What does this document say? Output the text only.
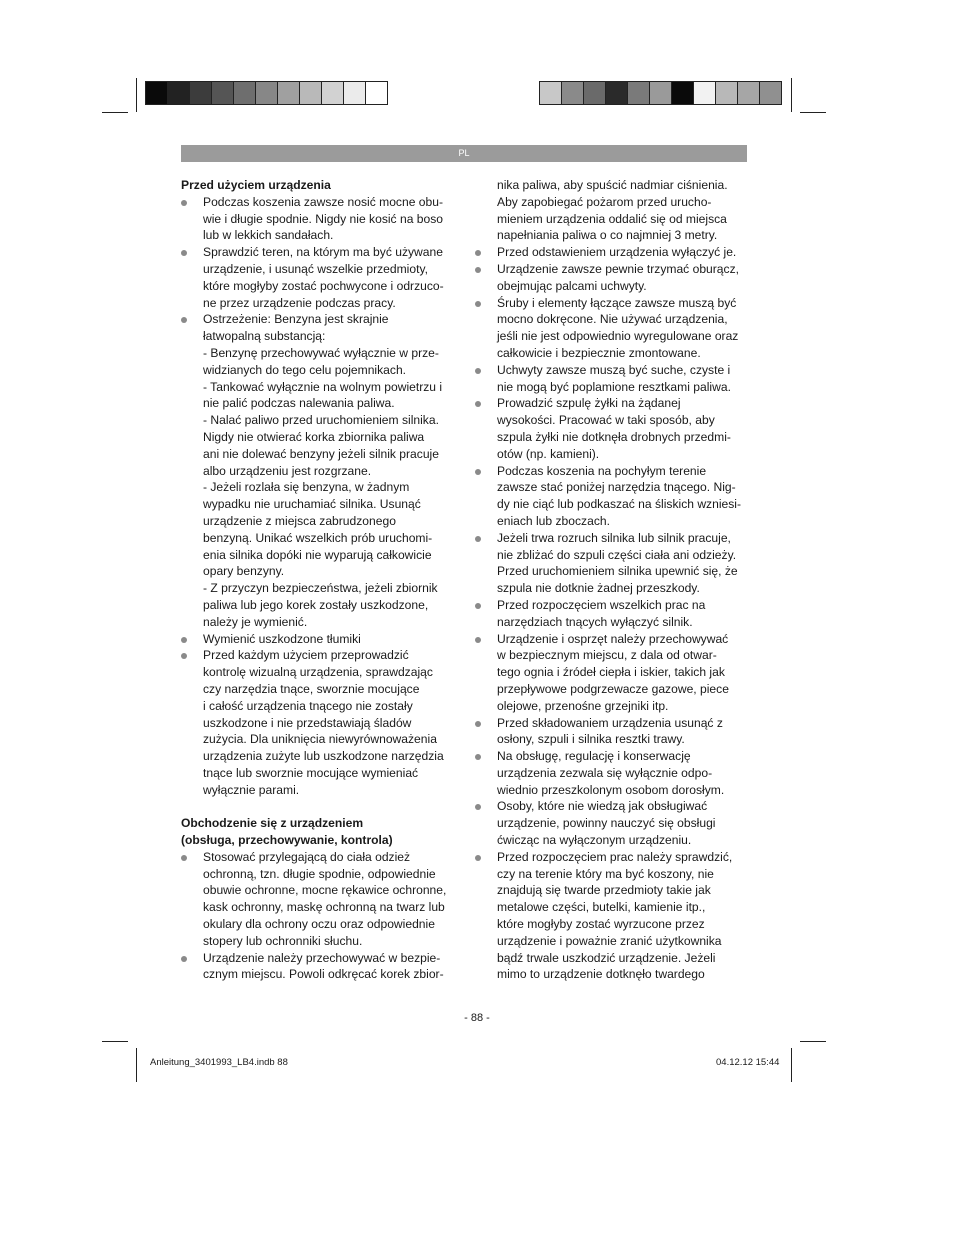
PL

Przed użyciem urządzenia

Podczas koszenia zawsze nosić mocne obu-
wie i długie spodnie. Nigdy nie kosić na boso
lub w lekkich sandałach.
Sprawdzić teren, na którym ma być używane
urządzenie, i usunąć wszelkie przedmioty,
które mogłyby zostać pochwycone i odrzuco-
ne przez urządzenie podczas pracy.
Ostrzeżenie: Benzyna jest skrajnie
łatwopalną substancją:
- Benzynę przechowywać wyłącznie w prze-
widzianych do tego celu pojemnikach.
- Tankować wyłącznie na wolnym powietrzu i
nie palić podczas nalewania paliwa.
- Nalać paliwo przed uruchomieniem silnika.
Nigdy nie otwierać korka zbiornika paliwa
ani nie dolewać benzyny jeżeli silnik pracuje
albo urządzeniu jest rozgrzane.
- Jeżeli rozlała się benzyna, w żadnym
wypadku nie uruchamiać silnika. Usunąć
urządzenie z miejsca zabrudzonego
benzyną. Unikać wszelkich prób uruchomi-
enia silnika dopóki nie wyparują całkowicie
opary benzyny.
- Z przyczyn bezpieczeństwa, jeżeli zbiornik
paliwa lub jego korek zostały uszkodzone,
należy je wymienić.
Wymienić uszkodzone tłumiki
Przed każdym użyciem przeprowadzić
kontrolę wizualną urządzenia, sprawdzając
czy narzędzia tnące, sworznie mocujące
i całość urządzenia tnącego nie zostały
uszkodzone i nie przedstawiają śladów
zużycia. Dla uniknięcia niewyrównoważenia
urządzenia zużyte lub uszkodzone narzędzia
tnące lub sworznie mocujące wymieniać
wyłącznie parami.

Obchodzenie się z urządzeniem
(obsługa, przechowywanie, kontrola)

Stosować przylegającą do ciała odzież
ochronną, tzn. długie spodnie, odpowiednie
obuwie ochronne, mocne rękawice ochronne,
kask ochronny, maskę ochronną na twarz lub
okulary dla ochrony oczu oraz odpowiednie
stopery lub ochronniki słuchu.
Urządzenie należy przechowywać w bezpie-
cznym miejscu. Powoli odkręcać korek zbior-
nika paliwa, aby spuścić nadmiar ciśnienia.
Aby zapobiegać pożarom przed urucho-
mieniem urządzenia oddalić się od miejsca
napełniania paliwa o co najmniej 3 metry.
Przed odstawieniem urządzenia wyłączyć je.
Urządzenie zawsze pewnie trzymać oburącz,
obejmując palcami uchwyty.
Śruby i elementy łączące zawsze muszą być
mocno dokręcone. Nie używać urządzenia,
jeśli nie jest odpowiednio wyregulowane oraz
całkowicie i bezpiecznie zmontowane.
Uchwyty zawsze muszą być suche, czyste i
nie mogą być poplamione resztkami paliwa.
Prowadzić szpulę żyłki na żądanej
wysokości. Pracować w taki sposób, aby
szpula żyłki nie dotknęła drobnych przedmi-
otów (np. kamieni).
Podczas koszenia na pochyłym terenie
zawsze stać poniżej narzędzia tnącego. Nig-
dy nie ciąć lub podkaszać na śliskich wzniesi-
eniach lub zboczach.
Jeżeli trwa rozruch silnika lub silnik pracuje,
nie zbliżać do szpuli części ciała ani odzieży.
Przed uruchomieniem silnika upewnić się, że
szpula nie dotknie żadnej przeszkody.
Przed rozpoczęciem wszelkich prac na
narzędziach tnących wyłączyć silnik.
Urządzenie i osprzęt należy przechowywać
w bezpiecznym miejscu, z dala od otwar-
tego ognia i źródeł ciepła i iskier, takich jak
przepływowe podgrzewacze gazowe, piece
olejowe, przenośne grzejniki itp.
Przed składowaniem urządzenia usunąć z
osłony, szpuli i silnika resztki trawy.
Na obsługę, regulację i konserwację
urządzenia zezwala się wyłącznie odpo-
wiednio przeszkolonym osobom dorosłym.
Osoby, które nie wiedzą jak obsługiwać
urządzenie, powinny nauczyć się obsługi
ćwicząc na wyłączonym urządzeniu.
Przed rozpoczęciem prac należy sprawdzić,
czy na terenie który ma być koszony, nie
znajdują się twarde przedmioty takie jak
metalowe części, butelki, kamienie itp.,
które mogłyby zostać wyrzucone przez
urządzenie i poważnie zranić użytkownika
bądź trwale uszkodzić urządzenie. Jeżeli
mimo to urządzenie dotknęło twardego
- 88 -
Anleitung_3401993_LB4.indb 88	04.12.12 15:44
